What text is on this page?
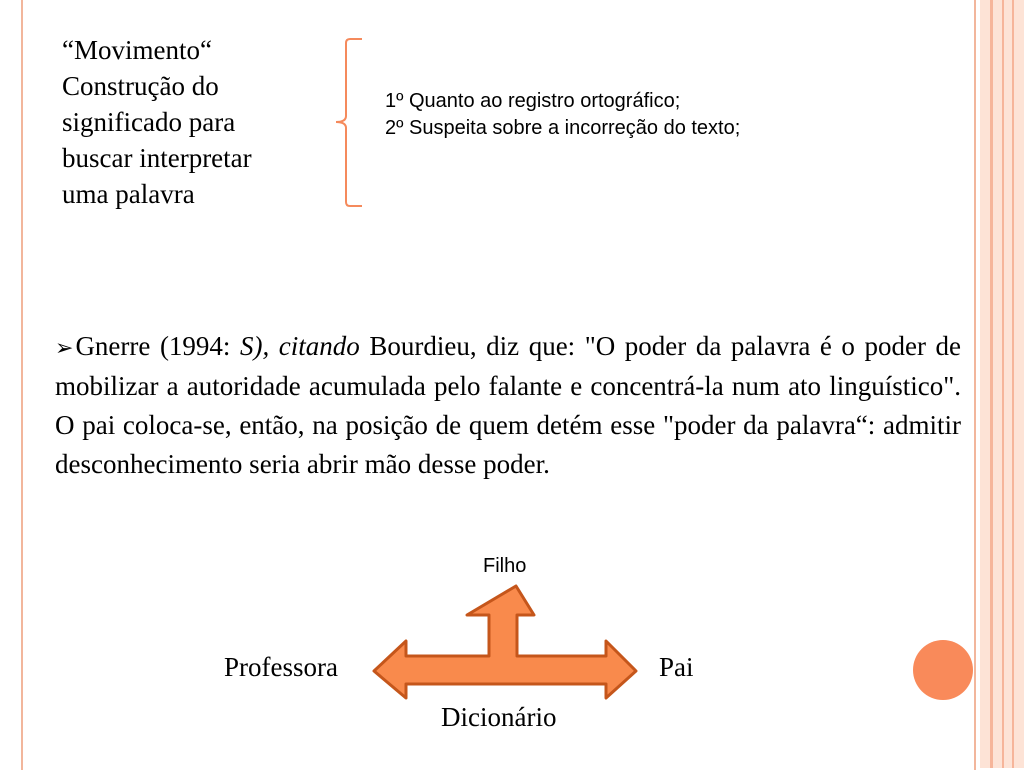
“Movimento“
Construção do
significado para
buscar interpretar
uma palavra
1º Quanto ao registro ortográfico;
2º Suspeita sobre a incorreção do texto;
➢Gnerre (1994: S), citando Bourdieu, diz que: "O poder da palavra é o poder de mobilizar a autoridade acumulada pelo falante e concentrá-la num ato linguístico". O pai coloca-se, então, na posição de quem detém esse "poder da palavra“: admitir desconhecimento seria abrir mão desse poder.
Filho
Professora	Pai
Dicionário
